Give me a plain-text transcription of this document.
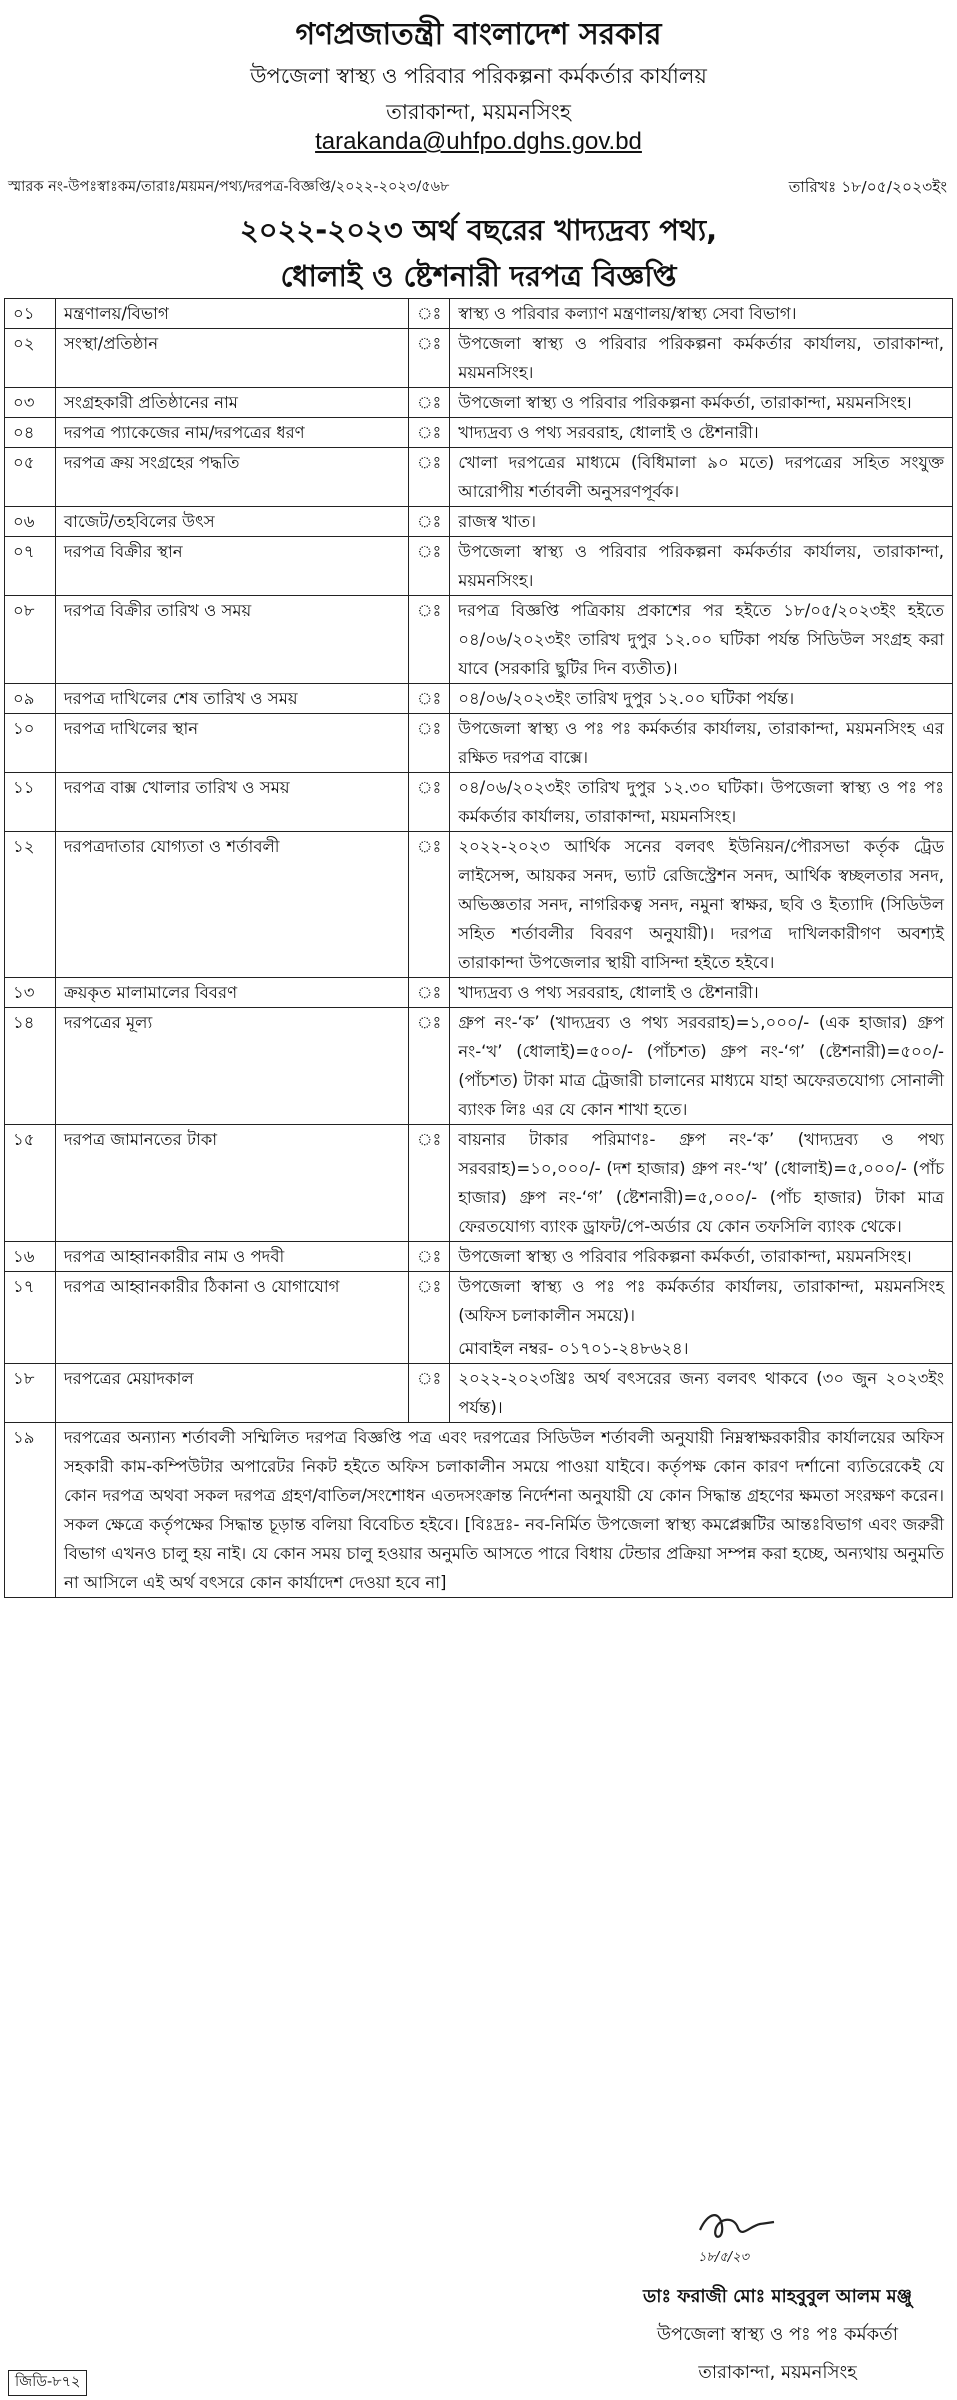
গণপ্রজাতন্ত্রী বাংলাদেশ সরকার
উপজেলা স্বাস্থ্য ও পরিবার পরিকল্পনা কর্মকর্তার কার্যালয়
তারাকান্দা, ময়মনসিংহ
tarakanda@uhfpo.dghs.gov.bd
স্মারক নং-উপঃস্বাঃকম/তারাঃ/ময়মন/পথ্য/দরপত্র-বিজ্ঞপ্তি/২০২২-২০২৩/৫৬৮	তারিখঃ ১৮/০৫/২০২৩ইং
২০২২-২০২৩ অর্থ বছরের খাদ্যদ্রব্য পথ্য,
ধোলাই ও ষ্টেশনারী দরপত্র বিজ্ঞপ্তি
০১	মন্ত্রণালয়/বিভাগ	ঃ	স্বাস্থ্য ও পরিবার কল্যাণ মন্ত্রণালয়/স্বাস্থ্য সেবা বিভাগ।
০২	সংস্থা/প্রতিষ্ঠান	ঃ	উপজেলা স্বাস্থ্য ও পরিবার পরিকল্পনা কর্মকর্তার কার্যালয়, তারাকান্দা, ময়মনসিংহ।
০৩	সংগ্রহকারী প্রতিষ্ঠানের নাম	ঃ	উপজেলা স্বাস্থ্য ও পরিবার পরিকল্পনা কর্মকর্তা, তারাকান্দা, ময়মনসিংহ।
০৪	দরপত্র প্যাকেজের নাম/দরপত্রের ধরণ	ঃ	খাদ্যদ্রব্য ও পথ্য সরবরাহ, ধোলাই ও ষ্টেশনারী।
০৫	দরপত্র ক্রয় সংগ্রহের পদ্ধতি	ঃ	খোলা দরপত্রের মাধ্যমে (বিধিমালা ৯০ মতে) দরপত্রের সহিত সংযুক্ত আরোপীয় শর্তাবলী অনুসরণপূর্বক।
০৬	বাজেট/তহবিলের উৎস	ঃ	রাজস্ব খাত।
০৭	দরপত্র বিক্রীর স্থান	ঃ	উপজেলা স্বাস্থ্য ও পরিবার পরিকল্পনা কর্মকর্তার কার্যালয়, তারাকান্দা, ময়মনসিংহ।
০৮	দরপত্র বিক্রীর তারিখ ও সময়	ঃ	দরপত্র বিজ্ঞপ্তি পত্রিকায় প্রকাশের পর হইতে ১৮/০৫/২০২৩ইং হইতে ০৪/০৬/২০২৩ইং তারিখ দুপুর ১২.০০ ঘটিকা পর্যন্ত সিডিউল সংগ্রহ করা যাবে (সরকারি ছুটির দিন ব্যতীত)।
০৯	দরপত্র দাখিলের শেষ তারিখ ও সময়	ঃ	০৪/০৬/২০২৩ইং তারিখ দুপুর ১২.০০ ঘটিকা পর্যন্ত।
১০	দরপত্র দাখিলের স্থান	ঃ	উপজেলা স্বাস্থ্য ও পঃ পঃ কর্মকর্তার কার্যালয়, তারাকান্দা, ময়মনসিংহ এর রক্ষিত দরপত্র বাক্সে।
১১	দরপত্র বাক্স খোলার তারিখ ও সময়	ঃ	০৪/০৬/২০২৩ইং তারিখ দুপুর ১২.৩০ ঘটিকা। উপজেলা স্বাস্থ্য ও পঃ পঃ কর্মকর্তার কার্যালয়, তারাকান্দা, ময়মনসিংহ।
১২	দরপত্রদাতার যোগ্যতা ও শর্তাবলী	ঃ	২০২২-২০২৩ আর্থিক সনের বলবৎ ইউনিয়ন/পৌরসভা কর্তৃক ট্রেড লাইসেন্স, আয়কর সনদ, ভ্যাট রেজিস্ট্রেশন সনদ, আর্থিক স্বচ্ছলতার সনদ, অভিজ্ঞতার সনদ, নাগরিকত্ব সনদ, নমুনা স্বাক্ষর, ছবি ও ইত্যাদি (সিডিউল সহিত শর্তাবলীর বিবরণ অনুযায়ী)। দরপত্র দাখিলকারীগণ অবশ্যই তারাকান্দা উপজেলার স্থায়ী বাসিন্দা হইতে হইবে।
১৩	ক্রয়কৃত মালামালের বিবরণ	ঃ	খাদ্যদ্রব্য ও পথ্য সরবরাহ, ধোলাই ও ষ্টেশনারী।
১৪	দরপত্রের মূল্য	ঃ	গ্রুপ নং-‘ক’ (খাদ্যদ্রব্য ও পথ্য সরবরাহ)=১,০০০/- (এক হাজার) গ্রুপ নং-‘খ’ (ধোলাই)=৫০০/- (পাঁচশত) গ্রুপ নং-‘গ’ (ষ্টেশনারী)=৫০০/- (পাঁচশত) টাকা মাত্র ট্রেজারী চালানের মাধ্যমে যাহা অফেরতযোগ্য সোনালী ব্যাংক লিঃ এর যে কোন শাখা হতে।
১৫	দরপত্র জামানতের টাকা	ঃ	বায়নার টাকার পরিমাণঃ- গ্রুপ নং-‘ক’ (খাদ্যদ্রব্য ও পথ্য সরবরাহ)=১০,০০০/- (দশ হাজার) গ্রুপ নং-‘খ’ (ধোলাই)=৫,০০০/- (পাঁচ হাজার) গ্রুপ নং-‘গ’ (ষ্টেশনারী)=৫,০০০/- (পাঁচ হাজার) টাকা মাত্র ফেরতযোগ্য ব্যাংক ড্রাফট/পে-অর্ডার যে কোন তফসিলি ব্যাংক থেকে।
১৬	দরপত্র আহ্বানকারীর নাম ও পদবী	ঃ	উপজেলা স্বাস্থ্য ও পরিবার পরিকল্পনা কর্মকর্তা, তারাকান্দা, ময়মনসিংহ।
১৭	দরপত্র আহ্বানকারীর ঠিকানা ও যোগাযোগ	ঃ	উপজেলা স্বাস্থ্য ও পঃ পঃ কর্মকর্তার কার্যালয়, তারাকান্দা, ময়মনসিংহ (অফিস চলাকালীন সময়ে)।
মোবাইল নম্বর- ০১৭০১-২৪৮৬২৪।

১৮	দরপত্রের মেয়াদকাল	ঃ	২০২২-২০২৩খ্রিঃ অর্থ বৎসরের জন্য বলবৎ থাকবে (৩০ জুন ২০২৩ইং পর্যন্ত)।
১৯	দরপত্রের অন্যান্য শর্তাবলী সম্মিলিত দরপত্র বিজ্ঞপ্তি পত্র এবং দরপত্রের সিডিউল শর্তাবলী অনুযায়ী নিম্নস্বাক্ষরকারীর কার্যালয়ের অফিস সহকারী কাম-কম্পিউটার অপারেটর নিকট হইতে অফিস চলাকালীন সময়ে পাওয়া যাইবে। কর্তৃপক্ষ কোন কারণ দর্শানো ব্যতিরেকেই যে কোন দরপত্র অথবা সকল দরপত্র গ্রহণ/বাতিল/সংশোধন এতদসংক্রান্ত নির্দেশনা অনুযায়ী যে কোন সিদ্ধান্ত গ্রহণের ক্ষমতা সংরক্ষণ করেন। সকল ক্ষেত্রে কর্তৃপক্ষের সিদ্ধান্ত চূড়ান্ত বলিয়া বিবেচিত হইবে। [বিঃদ্রঃ- নব-নির্মিত উপজেলা স্বাস্থ্য কমপ্লেক্সটির আন্তঃবিভাগ এবং জরুরী বিভাগ এখনও চালু হয় নাই। যে কোন সময় চালু হওয়ার অনুমতি আসতে পারে বিধায় টেন্ডার প্রক্রিয়া সম্পন্ন করা হচ্ছে, অন্যথায় অনুমতি না আসিলে এই অর্থ বৎসরে কোন কার্যাদেশ দেওয়া হবে না]		
১৮/৫/২৩
ডাঃ ফরাজী মোঃ মাহবুবুল আলম মঞ্জু
উপজেলা স্বাস্থ্য ও পঃ পঃ কর্মকর্তা
তারাকান্দা, ময়মনসিংহ
জিডি-৮৭২
